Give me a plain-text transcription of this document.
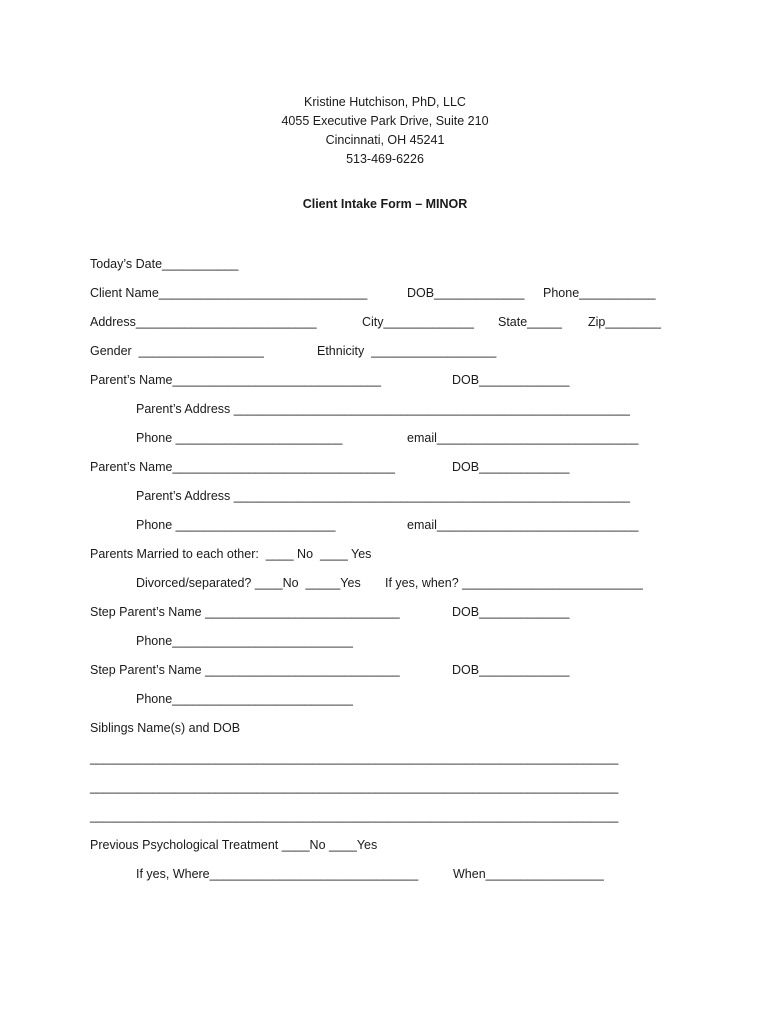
Kristine Hutchison, PhD, LLC
4055 Executive Park Drive, Suite 210
Cincinnati, OH 45241
513-469-6226
Client Intake Form – MINOR
Today’s Date___________
Client Name______________________________	DOB_____________ Phone___________
Address__________________________	City_____________ State_____ Zip________
Gender  __________________	Ethnicity  __________________
Parent’s Name______________________________	DOB_____________
Parent’s Address _________________________________________________________
Phone ________________________	email_____________________________
Parent’s Name________________________________	DOB_____________
Parent’s Address _________________________________________________________
Phone _______________________	email_____________________________
Parents Married to each other:  ____ No  ____ Yes
Divorced/separated? ____No  _____Yes If yes, when? __________________________
Step Parent’s Name ____________________________	DOB_____________
Phone__________________________
Step Parent’s Name ____________________________	DOB_____________
Phone__________________________
Siblings Name(s) and DOB
____________________________________________________________________________
____________________________________________________________________________
____________________________________________________________________________
Previous Psychological Treatment ____No ____Yes
If yes, Where______________________________	When_________________
